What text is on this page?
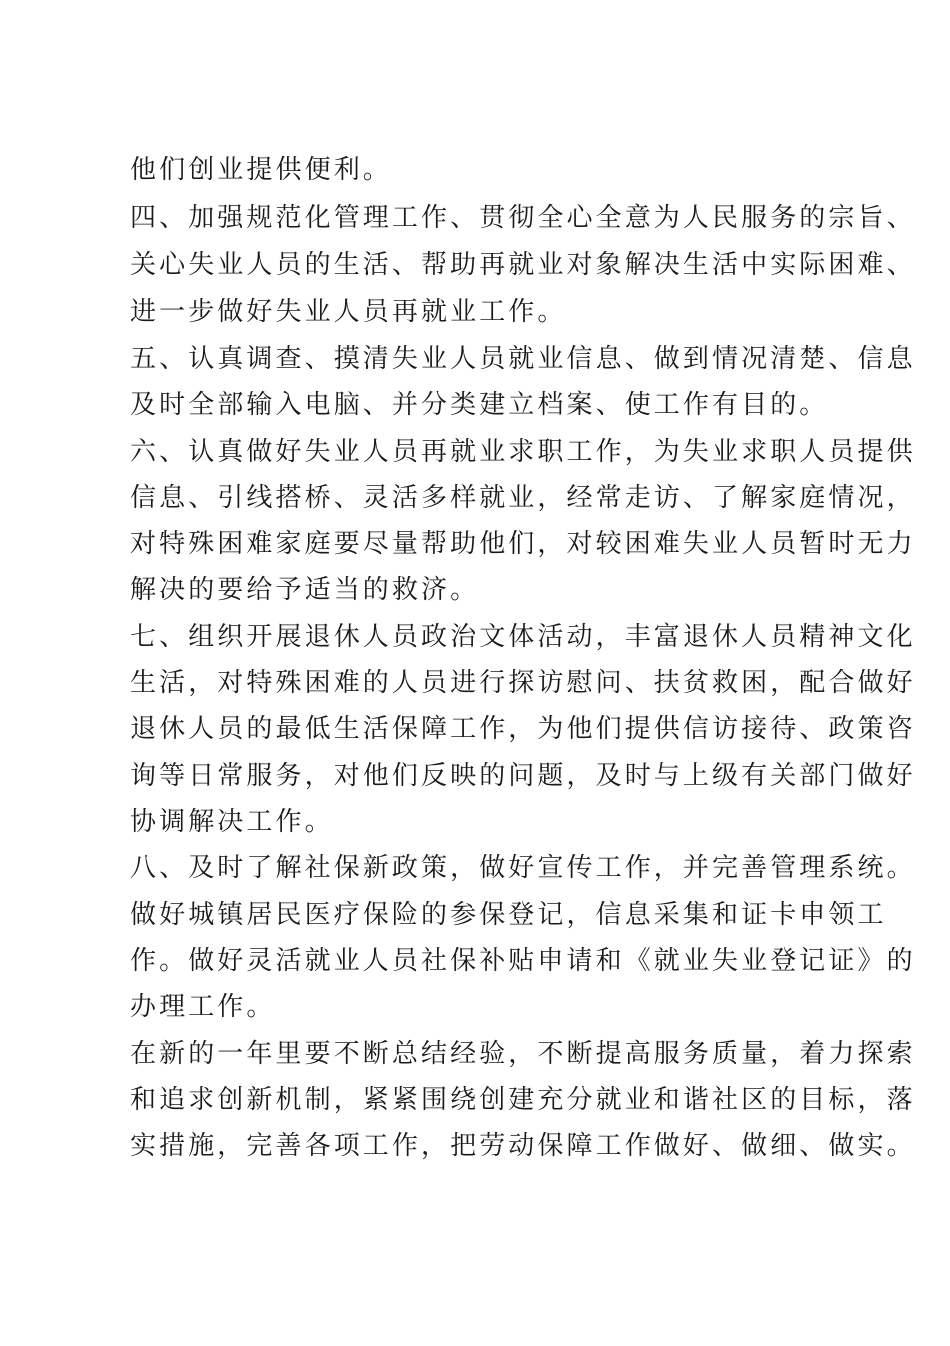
他们创业提供便利。
四、加强规范化管理工作、贯彻全心全意为人民服务的宗旨、
关心失业人员的生活、帮助再就业对象解决生活中实际困难、
进一步做好失业人员再就业工作。
五、认真调查、摸清失业人员就业信息、做到情况清楚、信息
及时全部输入电脑、并分类建立档案、使工作有目的。
六、认真做好失业人员再就业求职工作，为失业求职人员提供
信息、引线搭桥、灵活多样就业，经常走访、了解家庭情况，
对特殊困难家庭要尽量帮助他们，对较困难失业人员暂时无力
解决的要给予适当的救济。
七、组织开展退休人员政治文体活动，丰富退休人员精神文化
生活，对特殊困难的人员进行探访慰问、扶贫救困，配合做好
退休人员的最低生活保障工作，为他们提供信访接待、政策咨
询等日常服务，对他们反映的问题，及时与上级有关部门做好
协调解决工作。
八、及时了解社保新政策，做好宣传工作，并完善管理系统。
做好城镇居民医疗保险的参保登记，信息采集和证卡申领工
作。做好灵活就业人员社保补贴申请和《就业失业登记证》的
办理工作。
在新的一年里要不断总结经验，不断提高服务质量，着力探索
和追求创新机制，紧紧围绕创建充分就业和谐社区的目标，落
实措施，完善各项工作，把劳动保障工作做好、做细、做实。
